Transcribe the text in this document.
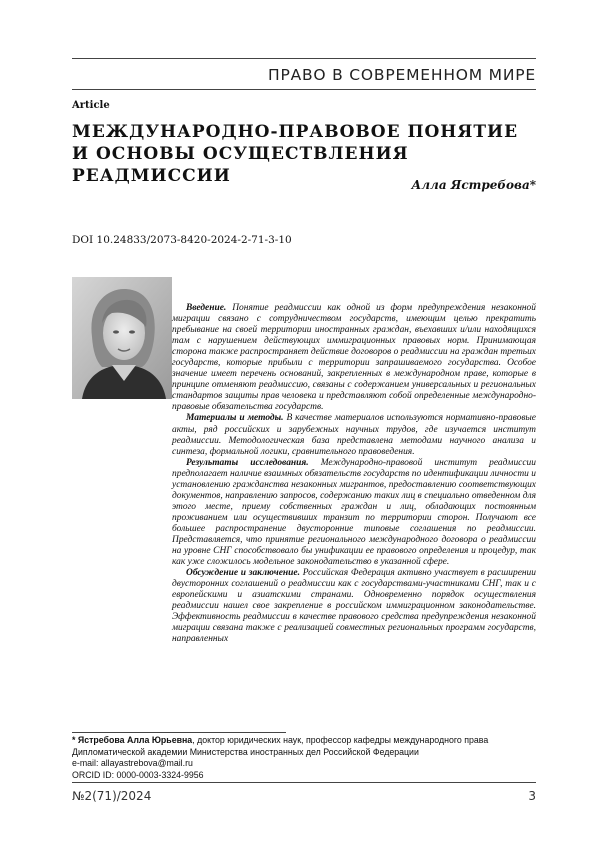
ПРАВО В СОВРЕМЕННОМ МИРЕ
Article
МЕЖДУНАРОДНО-ПРАВОВОЕ ПОНЯТИЕ
И ОСНОВЫ ОСУЩЕСТВЛЕНИЯ РЕАДМИССИИ	Алла Ястребова*
DOI 10.24833/2073-8420-2024-2-71-3-10

Введение. Понятие реадмиссии как одной из форм предупреждения незаконной миграции связано с сотрудничеством государств, имеющим целью прекратить пребывание на своей территории иностранных граждан, въехавших и/или находящихся там с нарушением действующих иммиграционных правовых норм. Принимающая сторона также распространяет действие договоров о реадмиссии на граждан третьих государств, которые прибыли с территории запрашиваемого государства. Особое значение имеет перечень оснований, закрепленных в международном праве, которые в принципе отменяют реадмиссию, связаны с содержанием универсальных и региональных стандартов защиты прав человека и представляют собой определенные международно-правовые обязательства государств.

Материалы и методы. В качестве материалов используются нормативно-правовые акты, ряд российских и зарубежных научных трудов, где изучается институт реадмиссии. Методологическая база представлена методами научного анализа и синтеза, формальной логики, сравнительного правоведения.

Результаты исследования. Международно-правовой институт реадмиссии предполагает наличие взаимных обязательств государств по идентификации личности и установлению гражданства незаконных мигрантов, предоставлению соответствующих документов, направлению запросов, содержанию таких лиц в специально отведенном для этого месте, приему собственных граждан и лиц, обладающих постоянным проживанием или осуществивших транзит по территории сторон. Получают все большее распространение двусторонние типовые соглашения по реадмиссии. Представляется, что принятие регионального международного договора о реадмиссии на уровне СНГ способствовало бы унификации ее правового определения и процедур, так как уже сложилось модельное законодательство в указанной сфере.

Обсуждение и заключение. Российская Федерация активно участвует в расширении двусторонних соглашений о реадмиссии как с государствами-участниками СНГ, так и с европейскими и азиатскими странами. Одновременно порядок осуществления реадмиссии нашел свое закрепление в российском иммиграционном законодательстве. Эффективность реадмиссии в качестве правового средства предупреждения незаконной миграции связана также с реализацией совместных региональных программ государств, направленных

* Ястребова Алла Юрьевна, доктор юридических наук, профессор кафедры международного права Дипломатической академии Министерства иностранных дел Российской Федерации

e-mail: allayastrebova@mail.ru

ORCID ID: 0000-0003-3324-9956

№2(71)/2024	3
